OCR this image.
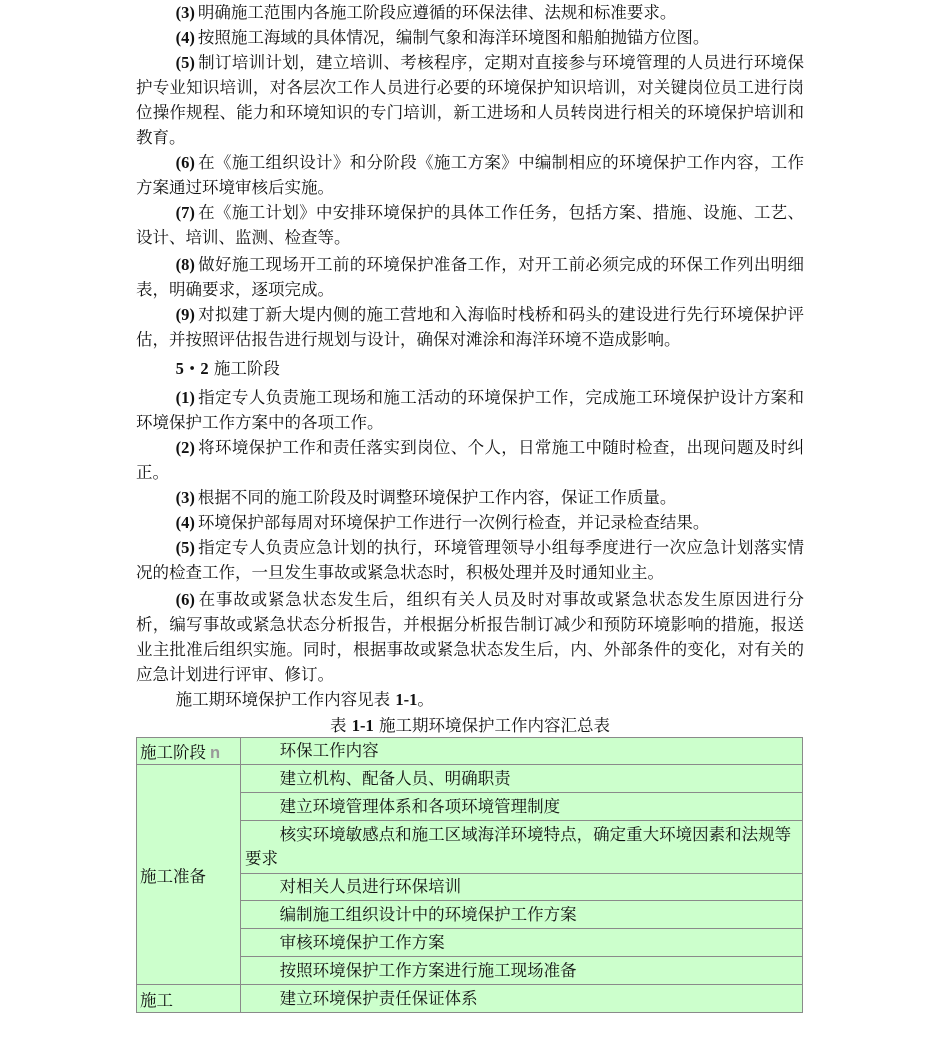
(3) 明确施工范围内各施工阶段应遵循的环保法律、法规和标准要求。

(4) 按照施工海域的具体情况，编制气象和海洋环境图和船舶抛锚方位图。

(5) 制订培训计划，建立培训、考核程序，定期对直接参与环境管理的人员进行环境保护专业知识培训，对各层次工作人员进行必要的环境保护知识培训，对关键岗位员工进行岗位操作规程、能力和环境知识的专门培训，新工进场和人员转岗进行相关的环境保护培训和教育。

(6) 在《施工组织设计》和分阶段《施工方案》中编制相应的环境保护工作内容，工作方案通过环境审核后实施。

(7) 在《施工计划》中安排环境保护的具体工作任务，包括方案、措施、设施、工艺、设计、培训、监测、检查等。

(8) 做好施工现场开工前的环境保护准备工作，对开工前必须完成的环保工作列出明细表，明确要求，逐项完成。

(9) 对拟建丁新大堤内侧的施工营地和入海临时栈桥和码头的建设进行先行环境保护评估，并按照评估报告进行规划与设计，确保对滩涂和海洋环境不造成影响。

5・2 施工阶段

(1) 指定专人负责施工现场和施工活动的环境保护工作，完成施工环境保护设计方案和环境保护工作方案中的各项工作。

(2) 将环境保护工作和责任落实到岗位、个人，日常施工中随时检查，出现问题及时纠正。

(3) 根据不同的施工阶段及时调整环境保护工作内容，保证工作质量。

(4) 环境保护部每周对环境保护工作进行一次例行检查，并记录检查结果。

(5) 指定专人负责应急计划的执行，环境管理领导小组每季度进行一次应急计划落实情况的检查工作，一旦发生事故或紧急状态时，积极处理并及时通知业主。

(6) 在事故或紧急状态发生后，组织有关人员及时对事故或紧急状态发生原因进行分析，编写事故或紧急状态分析报告，并根据分析报告制订减少和预防环境影响的措施，报送业主批准后组织实施。同时，根据事故或紧急状态发生后，内、外部条件的变化，对有关的应急计划进行评审、修订。

施工期环境保护工作内容见表 1-1。

表 1-1 施工期环境保护工作内容汇总表
施工阶段 n	环保工作内容
施工准备	建立机构、配备人员、明确职责
	建立环境管理体系和各项环境管理制度
	核实环境敏感点和施工区域海洋环境特点，确定重大环境因素和法规等要求
	对相关人员进行环保培训
	编制施工组织设计中的环境保护工作方案
	审核环境保护工作方案
	按照环境保护工作方案进行施工现场准备
施工	建立环境保护责任保证体系
